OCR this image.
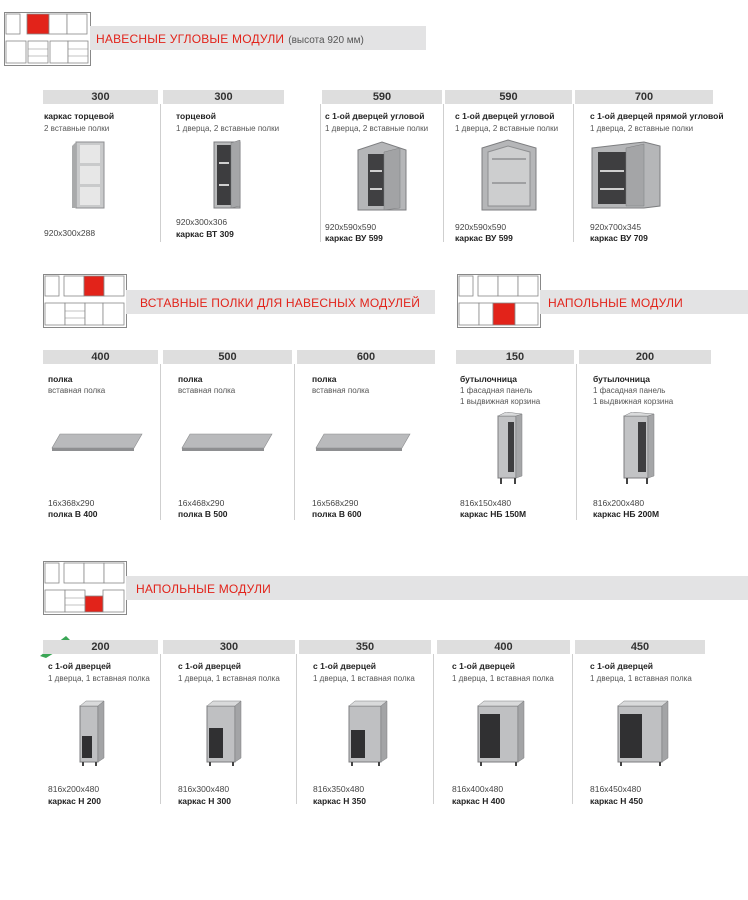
НАВЕСНЫЕ УГЛОВЫЕ МОДУЛИ (высота 920 мм)
300	300	590	590	700
каркас торцевой
2 вставные полки
920x300x288
торцевой
1 дверца, 2 вставные полки
920x300x306
каркас ВТ 309
с 1-ой дверцей угловой
1 дверца, 2 вставные полки
920x590x590
каркас ВУ 599
с 1-ой дверцей угловой
1 дверца, 2 вставные полки
920x590x590
каркас ВУ 599
с 1-ой дверцей прямой угловой
1 дверца, 2 вставные полки
920x700x345
каркас ВУ 709
ВСТАВНЫЕ ПОЛКИ ДЛЯ НАВЕСНЫХ МОДУЛЕЙ	НАПОЛЬНЫЕ МОДУЛИ
400	500	600	150	200
полка
вставная полка
16x368x290
полка В 400
полка
вставная полка
16x468x290
полка В 500
полка
вставная полка
16x568x290
полка В 600
бутылочница
1 фасадная панель
1 выдвижная корзина
816x150x480
каркас НБ 150М
бутылочница
1 фасадная панель
1 выдвижная корзина
816x200x480
каркас НБ 200М
НАПОЛЬНЫЕ МОДУЛИ
200	300	350	400	450
с 1-ой дверцей
1 дверца, 1 вставная полка
816x200x480
каркас Н 200
с 1-ой дверцей
1 дверца, 1 вставная полка
816x300x480
каркас Н 300
с 1-ой дверцей
1 дверца, 1 вставная полка
816x350x480
каркас Н 350
с 1-ой дверцей
1 дверца, 1 вставная полка
816x400x480
каркас Н 400
с 1-ой дверцей
1 дверца, 1 вставная полка
816x450x480
каркас Н 450
